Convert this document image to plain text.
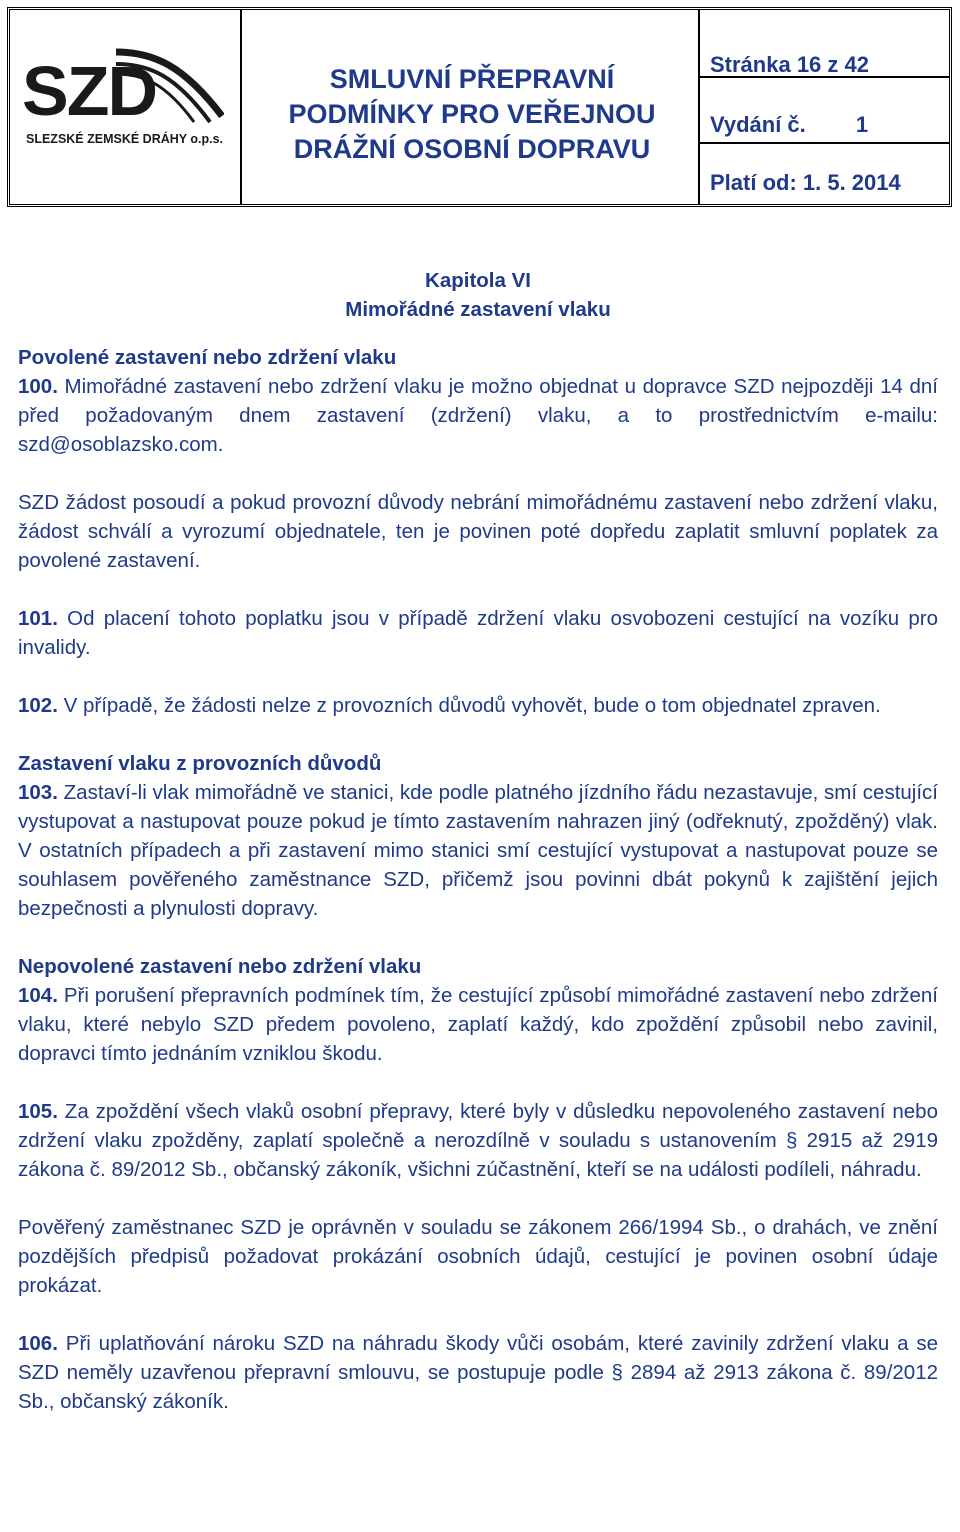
SZD
SLEZSKÉ ZEMSKÉ DRÁHY o.p.s.
SMLUVNÍ PŘEPRAVNÍ
PODMÍNKY PRO VEŘEJNOU
DRÁŽNÍ OSOBNÍ DOPRAVU
Stránka 16 z 42
Vydání č. 1
Platí od: 1. 5. 2014
Kapitola VI
Mimořádné zastavení vlaku
Povolené zastavení nebo zdržení vlaku

100. Mimořádné zastavení nebo zdržení vlaku je možno objednat u dopravce SZD nejpozději 14 dní před požadovaným dnem zastavení (zdržení) vlaku, a to prostřednictvím e-mailu: szd@osoblazsko.com.

SZD žádost posoudí a pokud provozní důvody nebrání mimořádnému zastavení nebo zdržení vlaku, žádost schválí a vyrozumí objednatele, ten je povinen poté dopředu zaplatit smluvní poplatek za povolené zastavení.

101. Od placení tohoto poplatku jsou v případě zdržení vlaku osvobozeni cestující na vozíku pro invalidy.

102. V případě, že žádosti nelze z provozních důvodů vyhovět, bude o tom objednatel zpraven.

Zastavení vlaku z provozních důvodů

103. Zastaví-li vlak mimořádně ve stanici, kde podle platného jízdního řádu nezastavuje, smí cestující vystupovat a nastupovat pouze pokud je tímto zastavením nahrazen jiný (odřeknutý, zpožděný) vlak. V ostatních případech a při zastavení mimo stanici smí cestující vystupovat a nastupovat pouze se souhlasem pověřeného zaměstnance SZD, přičemž jsou povinni dbát pokynů k zajištění jejich bezpečnosti a plynulosti dopravy.

Nepovolené zastavení nebo zdržení vlaku

104. Při porušení přepravních podmínek tím, že cestující způsobí mimořádné zastavení nebo zdržení vlaku, které nebylo SZD předem povoleno, zaplatí každý, kdo zpoždění způsobil nebo zavinil, dopravci tímto jednáním vzniklou škodu.

105. Za zpoždění všech vlaků osobní přepravy, které byly v důsledku nepovoleného zastavení nebo zdržení vlaku zpožděny, zaplatí společně a nerozdílně v souladu s ustanovením § 2915 až 2919 zákona č. 89/2012 Sb., občanský zákoník, všichni zúčastnění, kteří se na události podíleli, náhradu.

Pověřený zaměstnanec SZD je oprávněn v souladu se zákonem 266/1994 Sb., o drahách, ve znění pozdějších předpisů požadovat prokázání osobních údajů, cestující je povinen osobní údaje prokázat.

106. Při uplatňování nároku SZD na náhradu škody vůči osobám, které zavinily zdržení vlaku a se SZD neměly uzavřenou přepravní smlouvu, se postupuje podle § 2894 až 2913 zákona č. 89/2012 Sb., občanský zákoník.
